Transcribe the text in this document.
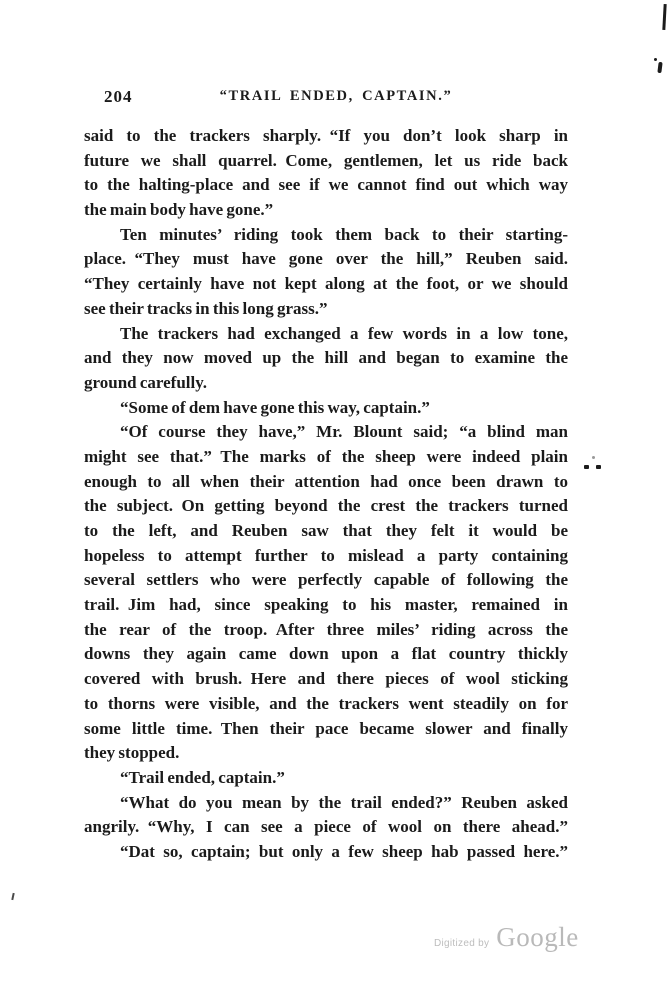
204	“TRAIL ENDED, CAPTAIN.”
said to the trackers sharply. “If you don’t look sharp in
future we shall quarrel. Come, gentlemen, let us ride back
to the halting-place and see if we cannot find out which way
the main body have gone.”
Ten minutes’ riding took them back to their starting-
place. “They must have gone over the hill,” Reuben said.
“They certainly have not kept along at the foot, or we should
see their tracks in this long grass.”
The trackers had exchanged a few words in a low tone,
and they now moved up the hill and began to examine the
ground carefully.
“Some of dem have gone this way, captain.”
“Of course they have,” Mr. Blount said; “a blind man
might see that.” The marks of the sheep were indeed plain
enough to all when their attention had once been drawn to
the subject. On getting beyond the crest the trackers turned
to the left, and Reuben saw that they felt it would be
hopeless to attempt further to mislead a party containing
several settlers who were perfectly capable of following the
trail. Jim had, since speaking to his master, remained in
the rear of the troop. After three miles’ riding across the
downs they again came down upon a flat country thickly
covered with brush. Here and there pieces of wool sticking
to thorns were visible, and the trackers went steadily on for
some little time. Then their pace became slower and finally
they stopped.
“Trail ended, captain.”
“What do you mean by the trail ended?” Reuben asked
angrily. “Why, I can see a piece of wool on there ahead.”
“Dat so, captain; but only a few sheep hab passed here.”
Digitized by Google
